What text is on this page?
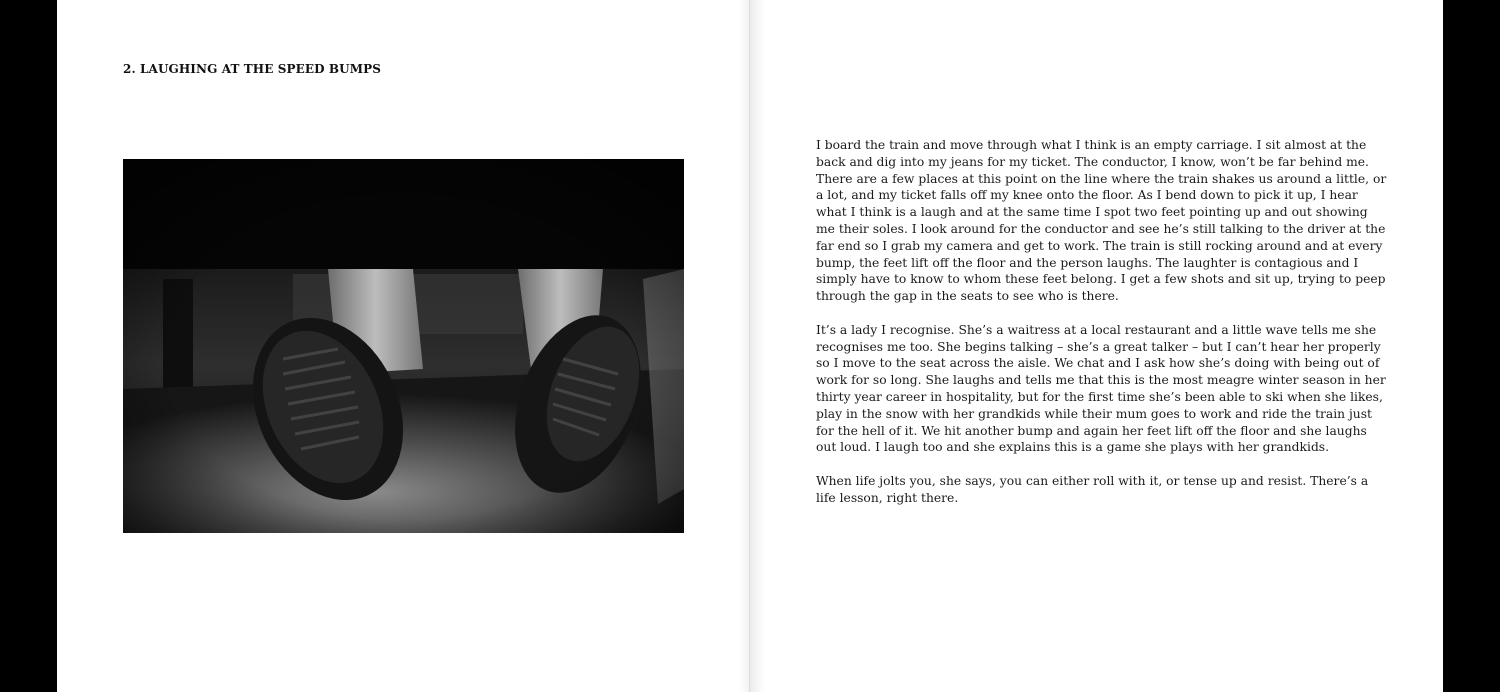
2. LAUGHING AT THE SPEED BUMPS

I board the train and move through what I think is an empty carriage. I sit almost at the back and dig into my jeans for my ticket. The conductor, I know, won’t be far behind me. There are a few places at this point on the line where the train shakes us around a little, or a lot, and my ticket falls off my knee onto the floor. As I bend down to pick it up, I hear what I think is a laugh and at the same time I spot two feet pointing up and out showing me their soles. I look around for the conductor and see he’s still talking to the driver at the far end so I grab my camera and get to work. The train is still rocking around and at every bump, the feet lift off the floor and the person laughs. The laughter is contagious and I simply have to know to whom these feet belong. I get a few shots and sit up, trying to peep through the gap in the seats to see who is there.

It’s a lady I recognise. She’s a waitress at a local restaurant and a little wave tells me she recognises me too. She begins talking – she’s a great talker – but I can’t hear her properly so I move to the seat across the aisle. We chat and I ask how she’s doing with being out of work for so long. She laughs and tells me that this is the most meagre winter season in her thirty year career in hospitality, but for the first time she’s been able to ski when she likes, play in the snow with her grandkids while their mum goes to work and ride the train just for the hell of it. We hit another bump and again her feet lift off the floor and she laughs out loud. I laugh too and she explains this is a game she plays with her grandkids.

When life jolts you, she says, you can either roll with it, or tense up and resist. There’s a life lesson, right there.
